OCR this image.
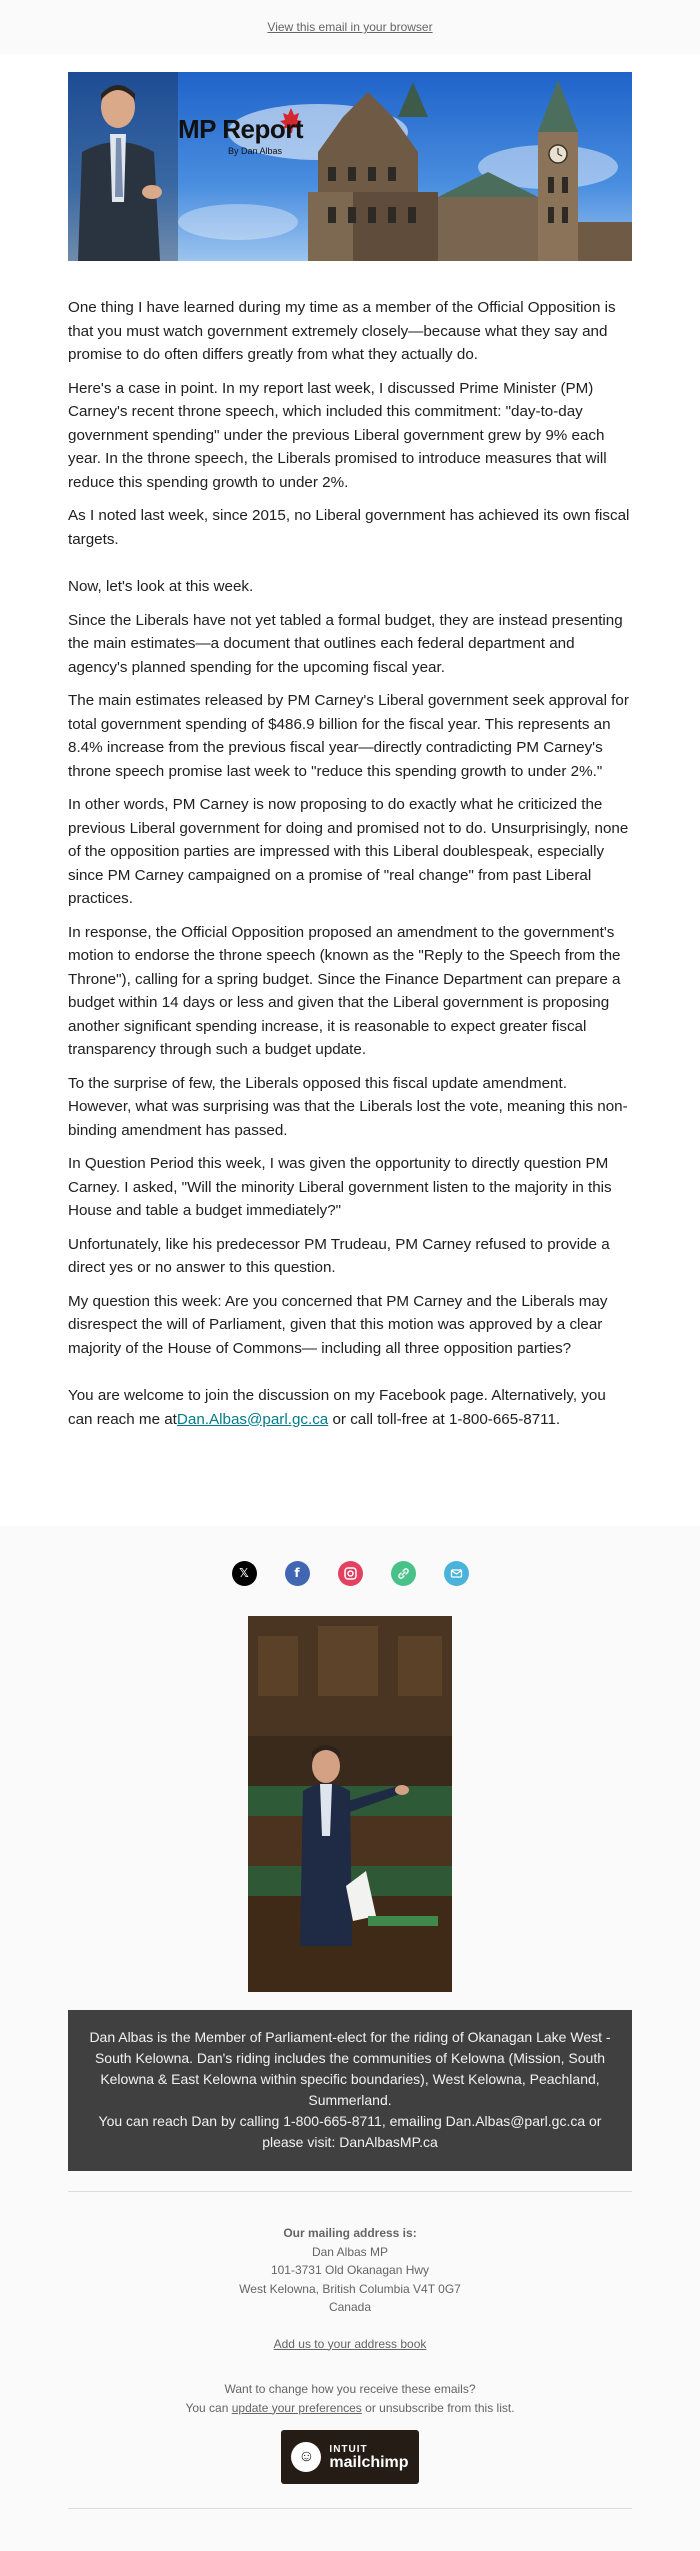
View this email in your browser
MP Report
By Dan Albas

One thing I have learned during my time as a member of the Official Opposition is that you must watch government extremely closely—because what they say and promise to do often differs greatly from what they actually do.

Here's a case in point. In my report last week, I discussed Prime Minister (PM) Carney's recent throne speech, which included this commitment: "day-to-day government spending" under the previous Liberal government grew by 9% each year. In the throne speech, the Liberals promised to introduce measures that will reduce this spending growth to under 2%.

As I noted last week, since 2015, no Liberal government has achieved its own fiscal targets.

Now, let's look at this week.

Since the Liberals have not yet tabled a formal budget, they are instead presenting the main estimates—a document that outlines each federal department and agency's planned spending for the upcoming fiscal year.

The main estimates released by PM Carney's Liberal government seek approval for total government spending of $486.9 billion for the fiscal year. This represents an 8.4% increase from the previous fiscal year—directly contradicting PM Carney's throne speech promise last week to "reduce this spending growth to under 2%."

In other words, PM Carney is now proposing to do exactly what he criticized the previous Liberal government for doing and promised not to do. Unsurprisingly, none of the opposition parties are impressed with this Liberal doublespeak, especially since PM Carney campaigned on a promise of "real change" from past Liberal practices.

In response, the Official Opposition proposed an amendment to the government's motion to endorse the throne speech (known as the "Reply to the Speech from the Throne"), calling for a spring budget. Since the Finance Department can prepare a budget within 14 days or less and given that the Liberal government is proposing another significant spending increase, it is reasonable to expect greater fiscal transparency through such a budget update.

To the surprise of few, the Liberals opposed this fiscal update amendment. However, what was surprising was that the Liberals lost the vote, meaning this non-binding amendment has passed.

In Question Period this week, I was given the opportunity to directly question PM Carney. I asked, "Will the minority Liberal government listen to the majority in this House and table a budget immediately?"

Unfortunately, like his predecessor PM Trudeau, PM Carney refused to provide a direct yes or no answer to this question.

My question this week: Are you concerned that PM Carney and the Liberals may disrespect the will of Parliament, given that this motion was approved by a clear majority of the House of Commons— including all three opposition parties?

You are welcome to join the discussion on my Facebook page. Alternatively, you can reach me atDan.Albas@parl.gc.ca or call toll-free at 1-800-665-8711.

𝕏	f
Dan Albas is the Member of Parliament-elect for the riding of Okanagan Lake West - South Kelowna. Dan's riding includes the communities of Kelowna (Mission, South Kelowna & East Kelowna within specific boundaries), West Kelowna, Peachland, Summerland.
You can reach Dan by calling 1-800-665-8711, emailing Dan.Albas@parl.gc.ca or please visit: DanAlbasMP.ca
Our mailing address is:
Dan Albas MP
101-3731 Old Okanagan Hwy
West Kelowna, British Columbia V4T 0G7
Canada
Add us to your address book
Want to change how you receive these emails?
You can update your preferences or unsubscribe from this list.
☺	INTUIT
mailchimp
